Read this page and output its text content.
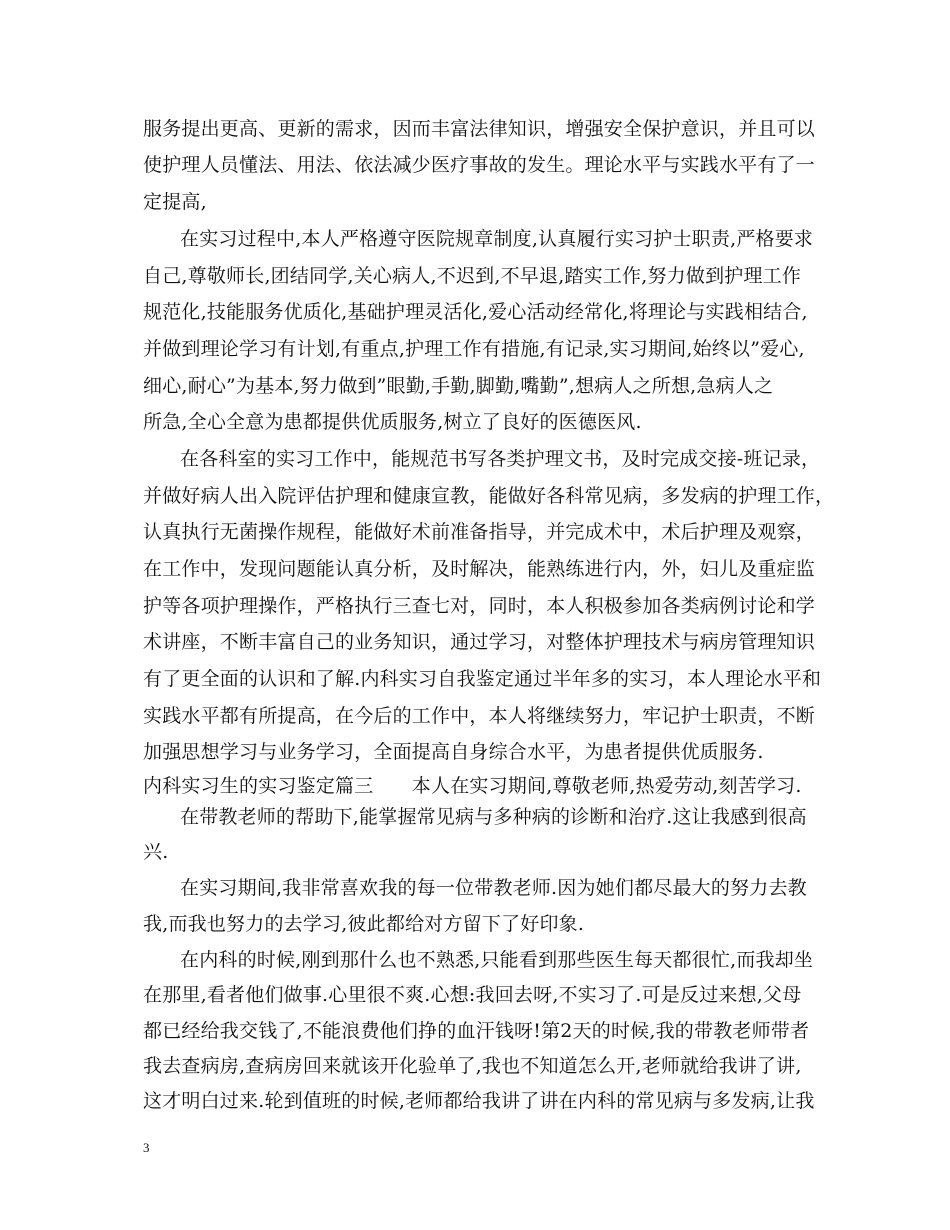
服务提出更高、更新的需求，因而丰富法律知识，增强安全保护意识，并且可以
使护理人员懂法、用法、依法减少医疗事故的发生。理论水平与实践水平有了一
定提高,
在实习过程中,本人严格遵守医院规章制度,认真履行实习护士职责,严格要求
自己,尊敬师长,团结同学,关心病人,不迟到,不早退,踏实工作,努力做到护理工作
规范化,技能服务优质化,基础护理灵活化,爱心活动经常化,将理论与实践相结合,
并做到理论学习有计划,有重点,护理工作有措施,有记录,实习期间,始终以”爱心,
细心,耐心”为基本,努力做到”眼勤,手勤,脚勤,嘴勤”,想病人之所想,急病人之
所急,全心全意为患都提供优质服务,树立了良好的医德医风.
在各科室的实习工作中，能规范书写各类护理文书，及时完成交接-班记录，
并做好病人出入院评估护理和健康宣教，能做好各科常见病，多发病的护理工作，
认真执行无菌操作规程，能做好术前准备指导，并完成术中，术后护理及观察，
在工作中，发现问题能认真分析，及时解决，能熟练进行内，外，妇儿及重症监
护等各项护理操作，严格执行三查七对，同时，本人积极参加各类病例讨论和学
术讲座，不断丰富自己的业务知识，通过学习，对整体护理技术与病房管理知识
有了更全面的认识和了解.内科实习自我鉴定通过半年多的实习，本人理论水平和
实践水平都有所提高，在今后的工作中，本人将继续努力，牢记护士职责，不断
加强思想学习与业务学习，全面提高自身综合水平，为患者提供优质服务.
内科实习生的实习鉴定篇三　　本人在实习期间,尊敬老师,热爱劳动,刻苦学习.
在带教老师的帮助下,能掌握常见病与多种病的诊断和治疗.这让我感到很高
兴.
在实习期间,我非常喜欢我的每一位带教老师.因为她们都尽最大的努力去教
我,而我也努力的去学习,彼此都给对方留下了好印象.
在内科的时候,刚到那什么也不熟悉,只能看到那些医生每天都很忙,而我却坐
在那里,看者他们做事.心里很不爽.心想:我回去呀,不实习了.可是反过来想,父母
都已经给我交钱了,不能浪费他们挣的血汗钱呀!第2天的时候,我的带教老师带者
我去查病房,查病房回来就该开化验单了,我也不知道怎么开,老师就给我讲了讲,
这才明白过来.轮到值班的时候,老师都给我讲了讲在内科的常见病与多发病,让我
3
